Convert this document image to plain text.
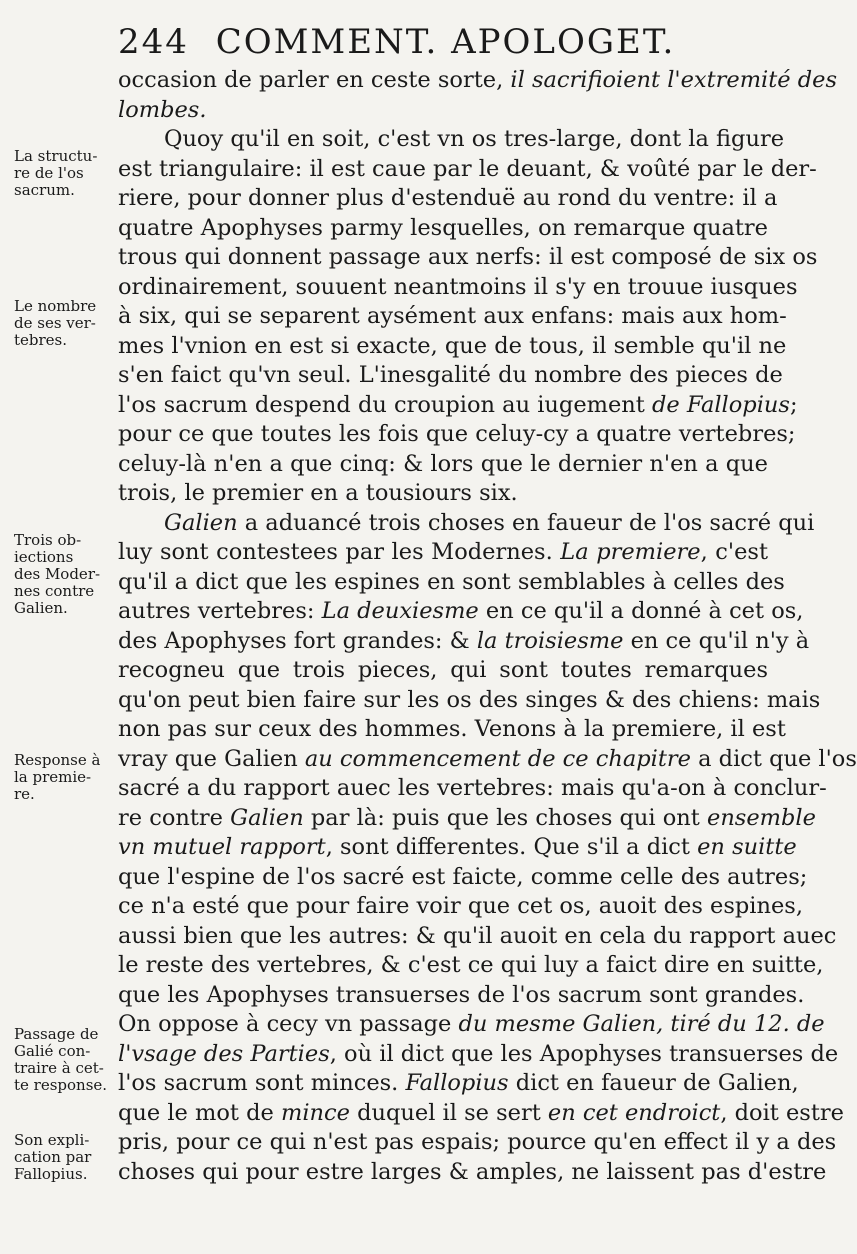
244 COMMENT. APOLOGET.
La structu-
re de l'os
sacrum.
Le nombre
de ses ver-
tebres.
Trois ob-
iections
des Moder-
nes contre
Galien.
Response à
la premie-
re.
Passage de
Galié con-
traire à cet-
te response.
Son expli-
cation par
Fallopius.
occasion de parler en ceste sorte, il sacrifioient l'extremité des
lombes.
Quoy qu'il en soit, c'est vn os tres-large, dont la figure
est triangulaire: il est caue par le deuant, & voûté par le der-
riere, pour donner plus d'estenduë au rond du ventre: il a
quatre Apophyses parmy lesquelles, on remarque quatre
trous qui donnent passage aux nerfs: il est composé de six os
ordinairement, souuent neantmoins il s'y en trouue iusques
à six, qui se separent aysément aux enfans: mais aux hom-
mes l'vnion en est si exacte, que de tous, il semble qu'il ne
s'en faict qu'vn seul. L'inesgalité du nombre des pieces de
l'os sacrum despend du croupion au iugement de Fallopius;
pour ce que toutes les fois que celuy-cy a quatre vertebres;
celuy-là n'en a que cinq: & lors que le dernier n'en a que
trois, le premier en a tousiours six.
Galien a aduancé trois choses en faueur de l'os sacré qui
luy sont contestees par les Modernes. La premiere, c'est
qu'il a dict que les espines en sont semblables à celles des
autres vertebres: La deuxiesme en ce qu'il a donné à cet os,
des Apophyses fort grandes: & la troisiesme en ce qu'il n'y à
recogneu que trois pieces, qui sont toutes remarques
qu'on peut bien faire sur les os des singes & des chiens: mais
non pas sur ceux des hommes. Venons à la premiere, il est
vray que Galien au commencement de ce chapitre a dict que l'os
sacré a du rapport auec les vertebres: mais qu'a-on à conclur-
re contre Galien par là: puis que les choses qui ont ensemble
vn mutuel rapport, sont differentes. Que s'il a dict en suitte
que l'espine de l'os sacré est faicte, comme celle des autres;
ce n'a esté que pour faire voir que cet os, auoit des espines,
aussi bien que les autres: & qu'il auoit en cela du rapport auec
le reste des vertebres, & c'est ce qui luy a faict dire en suitte,
que les Apophyses transuerses de l'os sacrum sont grandes.
On oppose à cecy vn passage du mesme Galien, tiré du 12. de
l'vsage des Parties, où il dict que les Apophyses transuerses de
l'os sacrum sont minces. Fallopius dict en faueur de Galien,
que le mot de mince duquel il se sert en cet endroict, doit estre
pris, pour ce qui n'est pas espais; pource qu'en effect il y a des
choses qui pour estre larges & amples, ne laissent pas d'estre
